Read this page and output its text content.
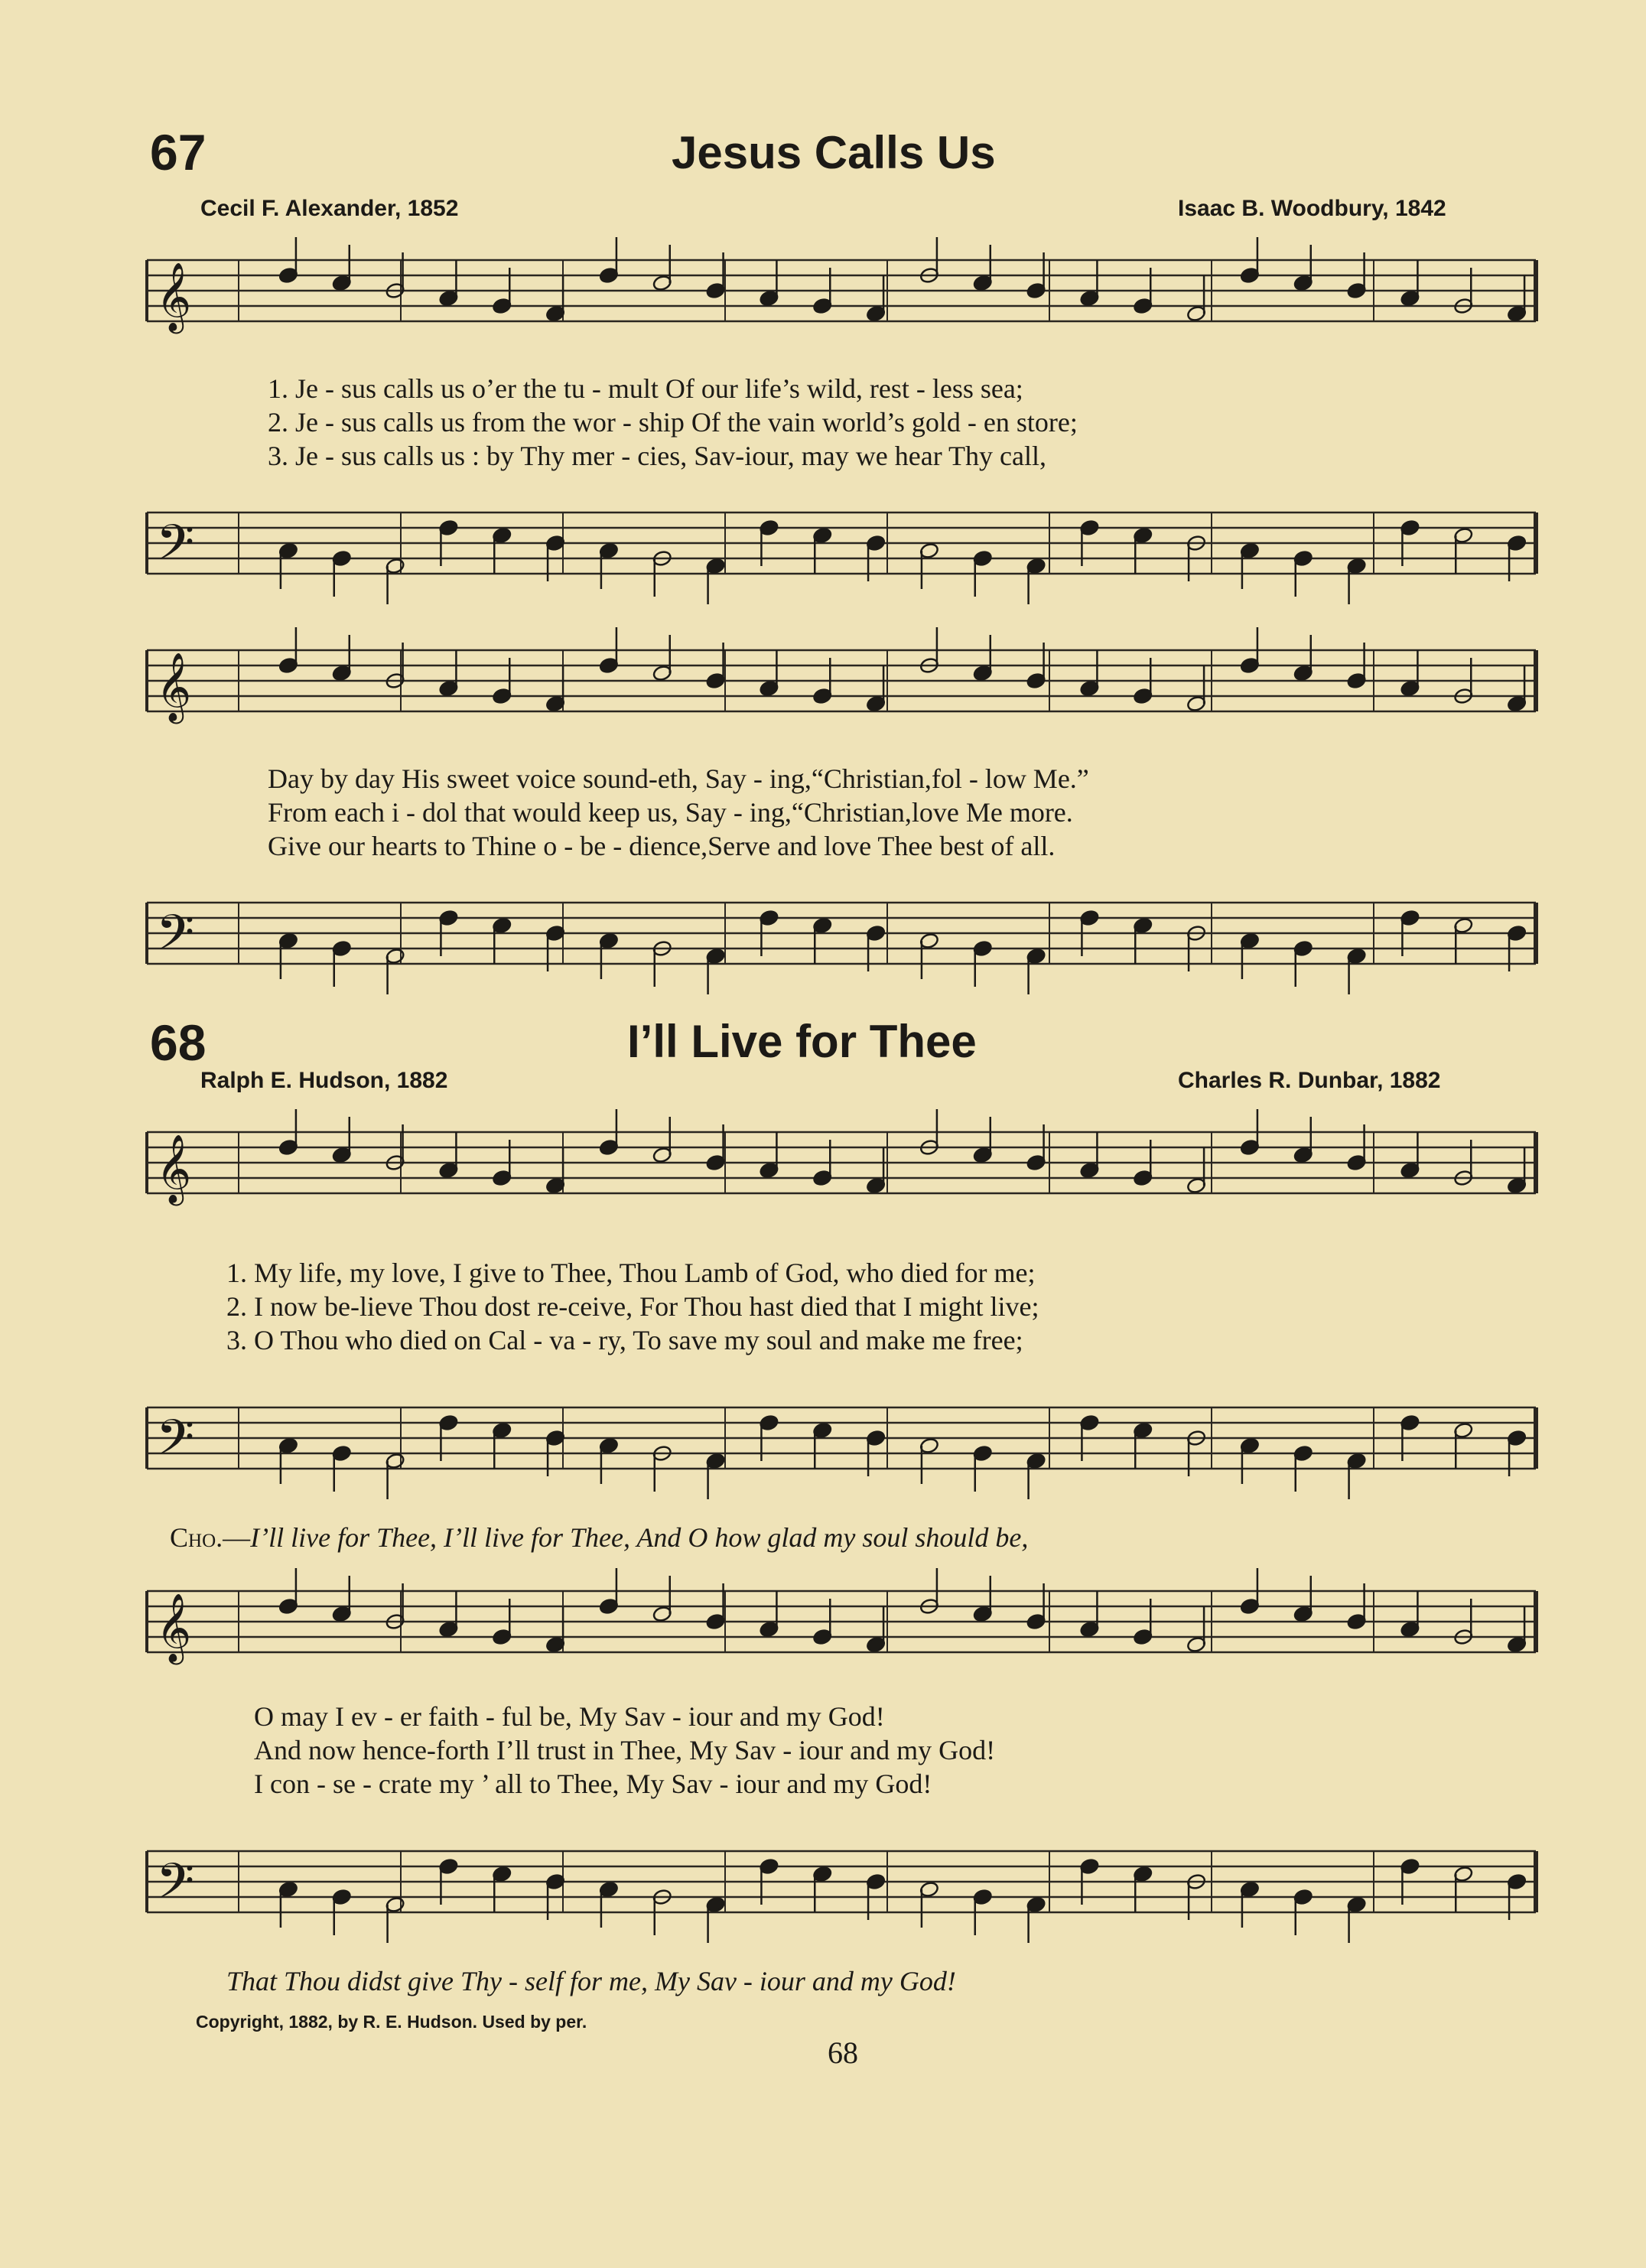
67	Jesus Calls Us
Cecil F. Alexander, 1852	Isaac B. Woodbury, 1842
𝄞
1. Je - sus calls us o’er the tu - mult Of our life’s wild, rest - less sea;
2. Je - sus calls us from the wor - ship Of the vain world’s gold - en store;
3. Je - sus calls us : by Thy mer - cies, Sav-iour, may we hear Thy call,
𝄢
𝄞
Day by day His sweet voice sound-eth, Say - ing,“Christian,fol - low Me.”
From each i - dol that would keep us, Say - ing,“Christian,love Me more.
Give our hearts to Thine o - be - dience,Serve and love Thee best of all.
𝄢
68	I’ll Live for Thee
Ralph E. Hudson, 1882	Charles R. Dunbar, 1882
𝄞
1. My life, my love, I give to Thee, Thou Lamb of God, who died for me;
2. I now be-lieve Thou dost re-ceive, For Thou hast died that I might live;
3. O Thou who died on Cal - va - ry, To save my soul and make me free;
𝄢
Cho.—I’ll live for Thee, I’ll live for Thee, And O how glad my soul should be,
𝄞
O may I ev - er faith - ful be, My Sav - iour and my God!
And now hence-forth I’ll trust in Thee, My Sav - iour and my God!
I con - se - crate my ’ all to Thee, My Sav - iour and my God!
𝄢
That Thou didst give Thy - self for me, My Sav - iour and my God!
Copyright, 1882, by R. E. Hudson. Used by per.
68
